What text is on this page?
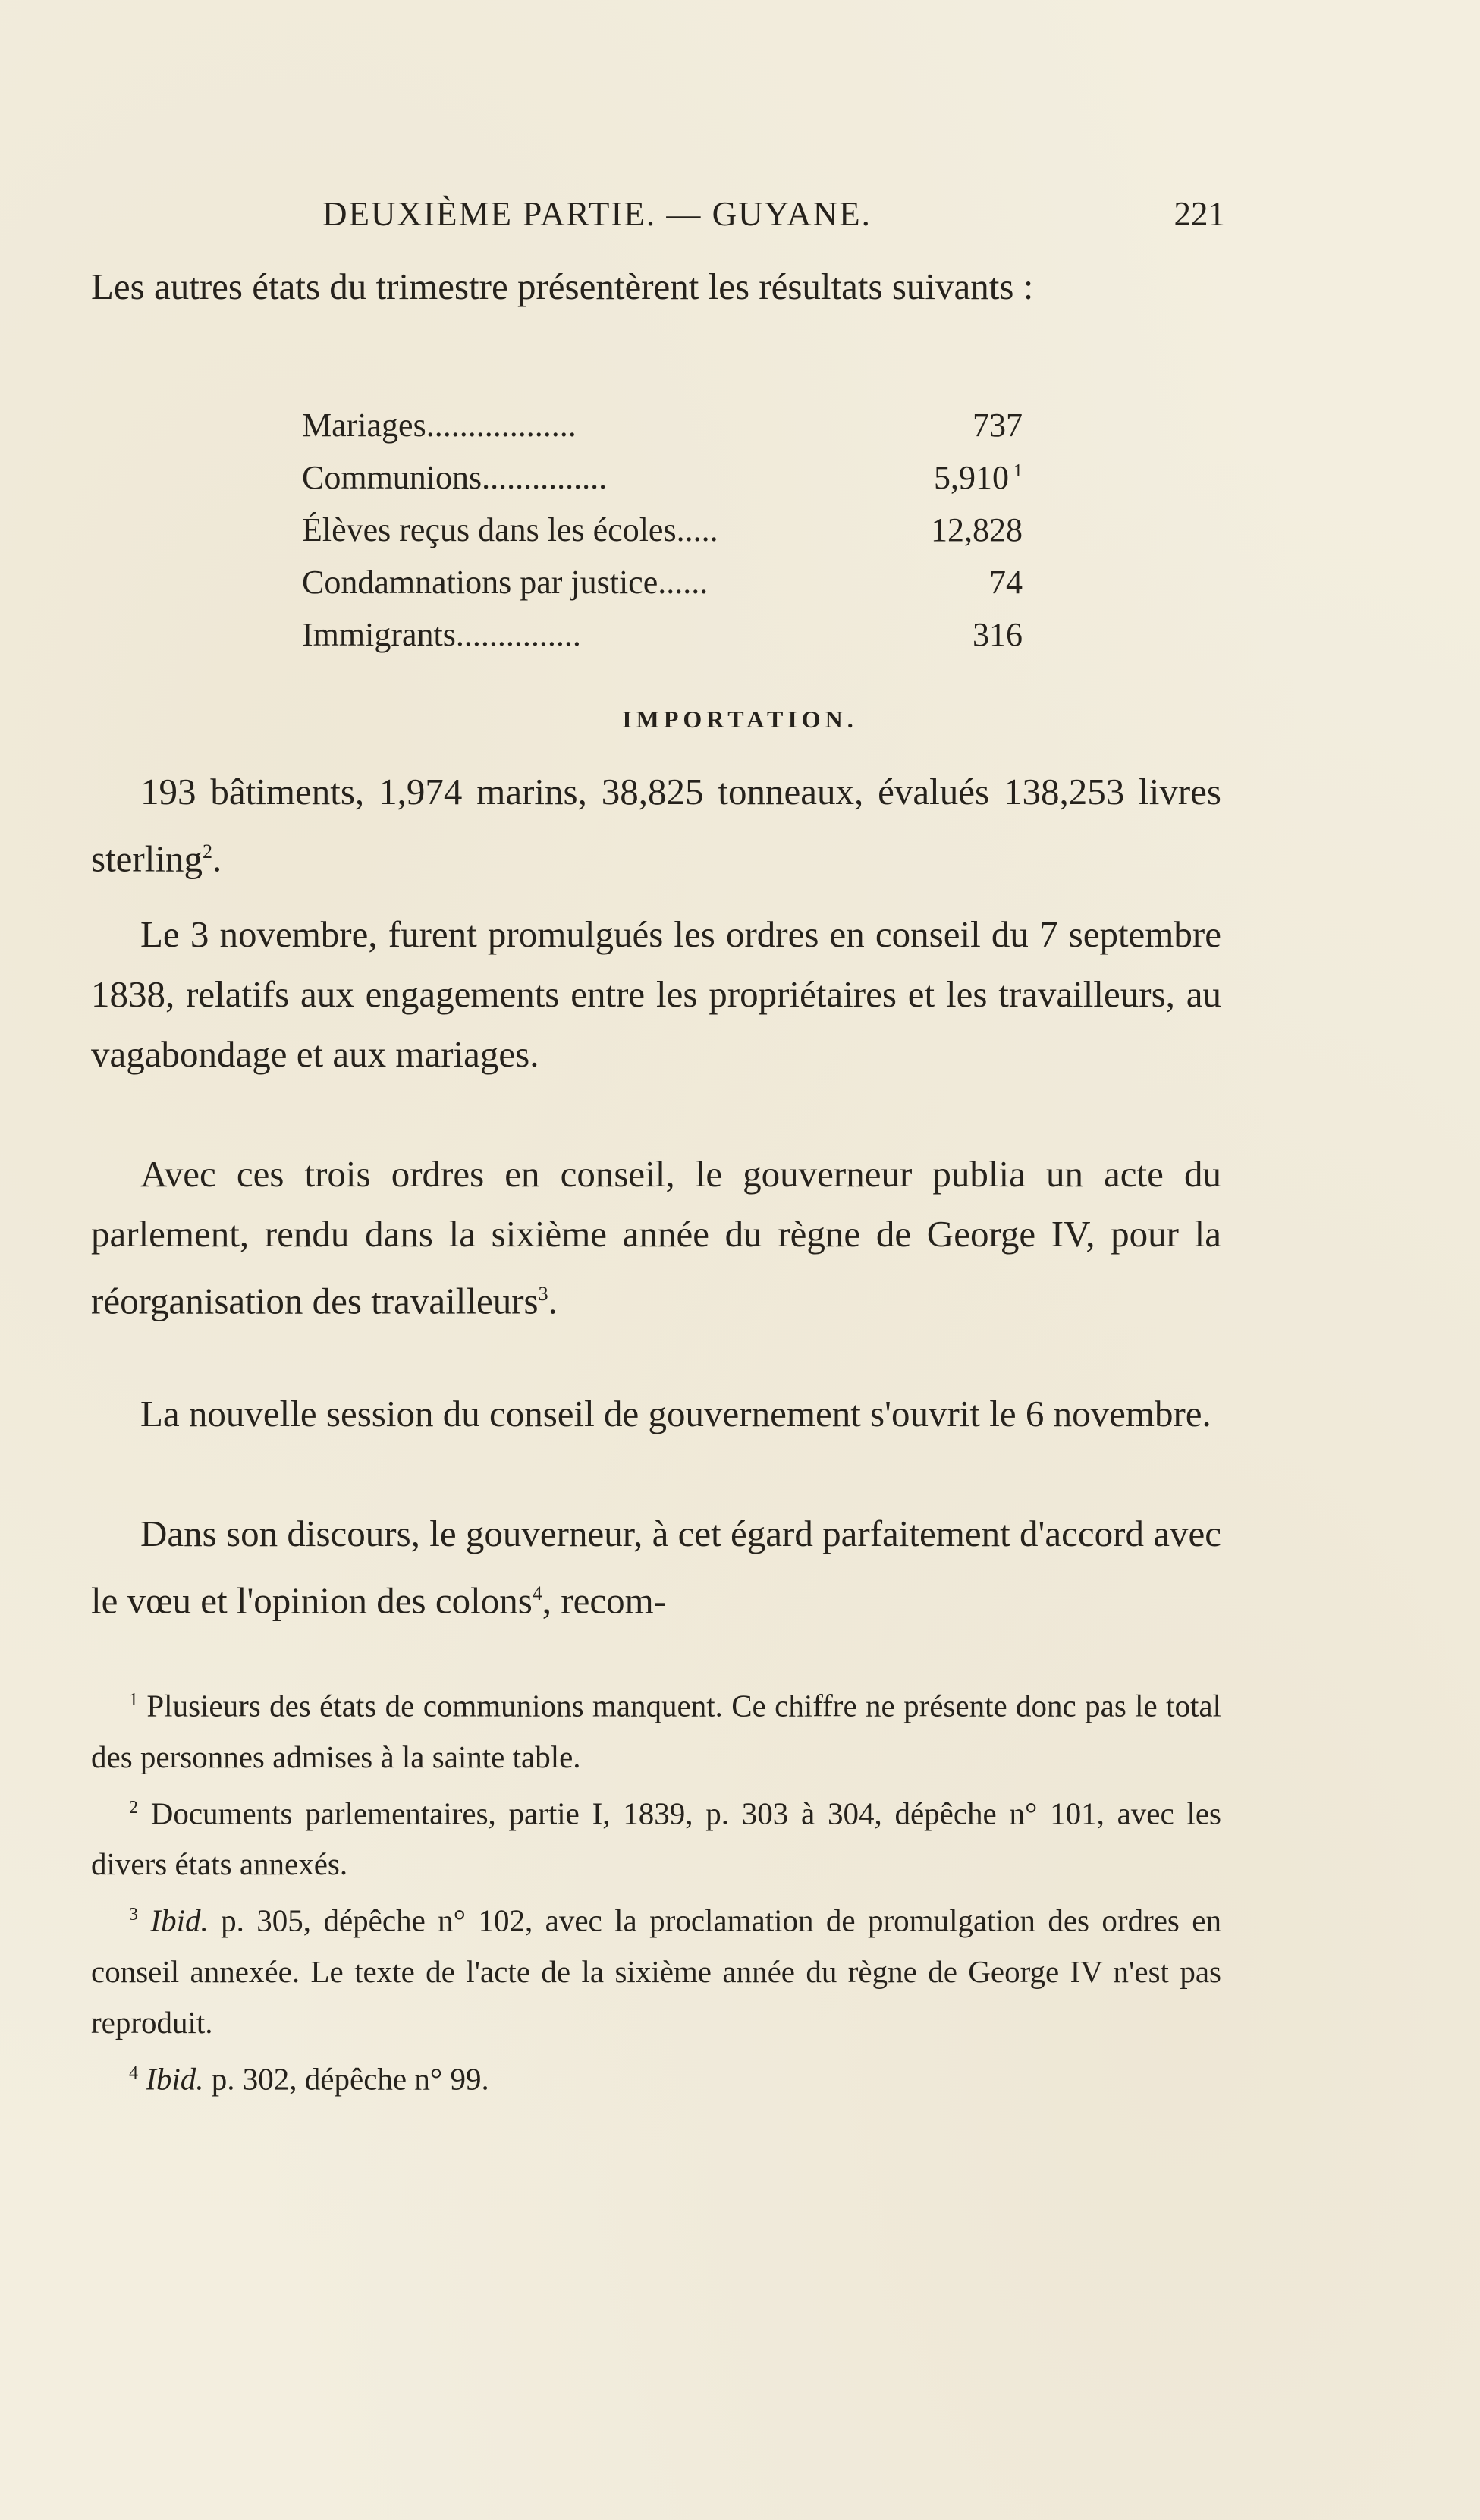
DEUXIÈME PARTIE. — GUYANE.	221
Les autres états du trimestre présentèrent les résultats suivants :
Mariages..................	737
Communions...............	5,910 $^1$
Élèves reçus dans les écoles.....	12,828
Condamnations par justice......	74
Immigrants...............	316
IMPORTATION.
193 bâtiments, 1,974 marins, 38,825 tonneaux, évalués 138,253 livres sterling$^2$.
Le 3 novembre, furent promulgués les ordres en conseil du 7 septembre 1838, relatifs aux engagements entre les propriétaires et les travailleurs, au vagabondage et aux mariages.
Avec ces trois ordres en conseil, le gouverneur publia un acte du parlement, rendu dans la sixième année du règne de George IV, pour la réorganisation des travailleurs$^3$.
La nouvelle session du conseil de gouvernement s'ouvrit le 6 novembre.
Dans son discours, le gouverneur, à cet égard parfaitement d'accord avec le vœu et l'opinion des colons$^4$, recom-
$^1$ Plusieurs des états de communions manquent. Ce chiffre ne présente donc pas le total des personnes admises à la sainte table.
$^2$ Documents parlementaires, partie I, 1839, p. 303 à 304, dépêche n° 101, avec les divers états annexés.
$^3$ Ibid. p. 305, dépêche n° 102, avec la proclamation de promulgation des ordres en conseil annexée. Le texte de l'acte de la sixième année du règne de George IV n'est pas reproduit.
$^4$ Ibid. p. 302, dépêche n° 99.
